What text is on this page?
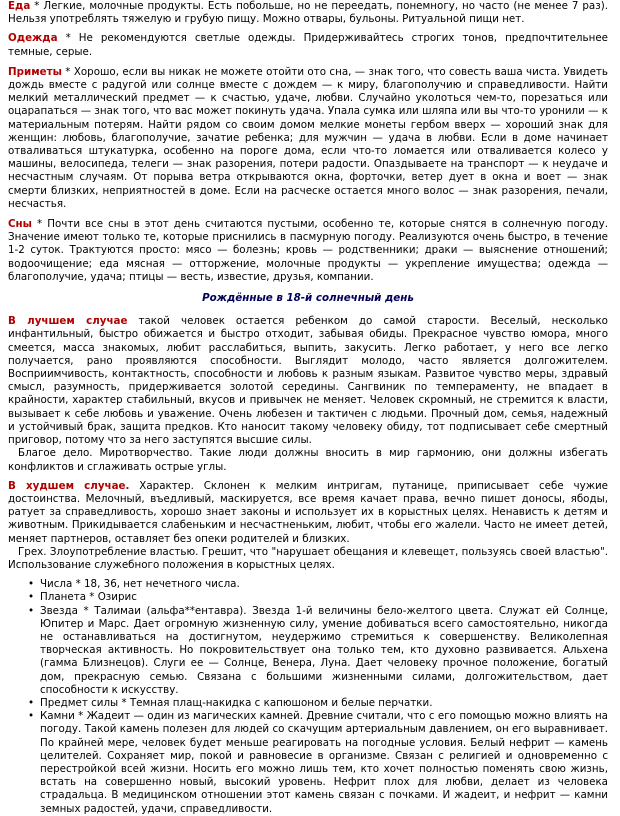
Еда * Легкие, молочные продукты. Есть побольше, но не переедать, понемногу, но часто (не менее 7 раз). Нельзя употреблять тяжелую и грубую пищу. Можно отвары, бульоны. Ритуальной пищи нет.

Одежда * Не рекомендуются светлые одежды. Придерживайтесь строгих тонов, предпочтительнее темные, серые.

Приметы * Хорошо, если вы никак не можете отойти ото сна, — знак того, что совесть ваша чиста. Увидеть дождь вместе с радугой или солнце вместе с дождем — к миру, благополучию и справедливости. Найти мелкий металлический предмет — к счастью, удаче, любви. Случайно уколоться чем-то, порезаться или оцарапаться — знак того, что вас может покинуть удача. Упала сумка или шляпа или вы что-то уронили — к материальным потерям. Найти рядом со своим домом мелкие монеты гербом вверх — хороший знак для женщин: любовь, благополучие, зачатие ребенка; для мужчин — удача в любви. Если в доме начинает отваливаться штукатурка, особенно на пороге дома, если что-то ломается или отваливается колесо у машины, велосипеда, телеги — знак разорения, потери радости. Опаздываете на транспорт — к неудаче и несчастным случаям. От порыва ветра открываются окна, форточки, ветер дует в окна и воет — знак смерти близких, неприятностей в доме. Если на расческе остается много волос — знак разорения, печали, несчастья.

Сны * Почти все сны в этот день считаются пустыми, особенно те, которые снятся в солнечную погоду. Значение имеют только те, которые приснились в пасмурную погоду. Реализуются очень быстро, в течение 1-2 суток. Трактуются просто: мясо — болезнь; кровь — родственники; драки — выяснение отношений; водоочищение; еда мясная — отторжение, молочные продукты — укрепление имущества; одежда — благополучие, удача; птицы — весть, известие, друзья, компании.

Рождённые в 18-й солнечный день

В лучшем случае такой человек остается ребенком до самой старости. Веселый, несколько инфантильный, быстро обижается и быстро отходит, забывая обиды. Прекрасное чувство юмора, много смеется, масса знакомых, любит расслабиться, выпить, закусить. Легко работает, у него все легко получается, рано проявляются способности. Выглядит молодо, часто является долгожителем. Восприимчивость, контактность, способности и любовь к разным языкам. Развитое чувство меры, здравый смысл, разумность, придерживается золотой середины. Сангвиник по темпераменту, не впадает в крайности, характер стабильный, вкусов и привычек не меняет. Человек скромный, не стремится к власти, вызывает к себе любовь и уважение. Очень любезен и тактичен с людьми. Прочный дом, семья, надежный и устойчивый брак, защита предков. Кто наносит такому человеку обиду, тот подписывает себе смертный приговор, потому что за него заступятся высшие силы.
Благое дело. Миротворчество. Такие люди должны вносить в мир гармонию, они должны избегать конфликтов и сглаживать острые углы.

В худшем случае. Характер. Склонен к мелким интригам, путанице, приписывает себе чужие достоинства. Мелочный, въедливый, маскируется, все время качает права, вечно пишет доносы, ябоды, ратует за справедливость, хорошо знает законы и использует их в корыстных целях. Ненависть к детям и животным. Прикидывается слабеньким и несчастненьким, любит, чтобы его жалели. Часто не имеет детей, меняет партнеров, оставляет без опеки родителей и близких.
Грех. Злоупотребление властью. Грешит, что "нарушает обещания и клевещет, пользуясь своей властью". Использование служебного положения в корыстных целях.

• Числа * 18, 36, нет нечетного числа.
• Планета * Озирис
• Звезда * Талимаи (альфа**ентавра). Звезда 1-й величины бело-желтого цвета. Служат ей Солнце, Юпитер и Марс. Дает огромную жизненную силу, умение добиваться всего самостоятельно, никогда не останавливаться на достигнутом, неудержимо стремиться к совершенству. Великолепная творческая активность. Но покровительствует она только тем, кто духовно развивается. Альхена (гамма Близнецов). Слуги ее — Солнце, Венера, Луна. Дает человеку прочное положение, богатый дом, прекрасную семью. Связана с большими жизненными силами, долгожительством, дает способности к искусству.
• Предмет силы * Темная плащ-накидка с капюшоном и белые перчатки.
• Камни * Жадеит — один из магических камней. Древние считали, что с его помощью можно влиять на погоду. Такой камень полезен для людей со скачущим артериальным давлением, он его выравнивает. По крайней мере, человек будет меньше реагировать на погодные условия. Белый нефрит — камень целителей. Сохраняет мир, покой и равновесие в организме. Связан с религией и одновременно с перестройкой всей жизни. Носить его можно лишь тем, кто хочет полностью поменять свою жизнь, встать на совершенно новый, высокий уровень. Нефрит плох для любви, делает из человека страдальца. В медицинском отношении этот камень связан с почками. И жадеит, и нефрит — камни земных радостей, удачи, справедливости.
